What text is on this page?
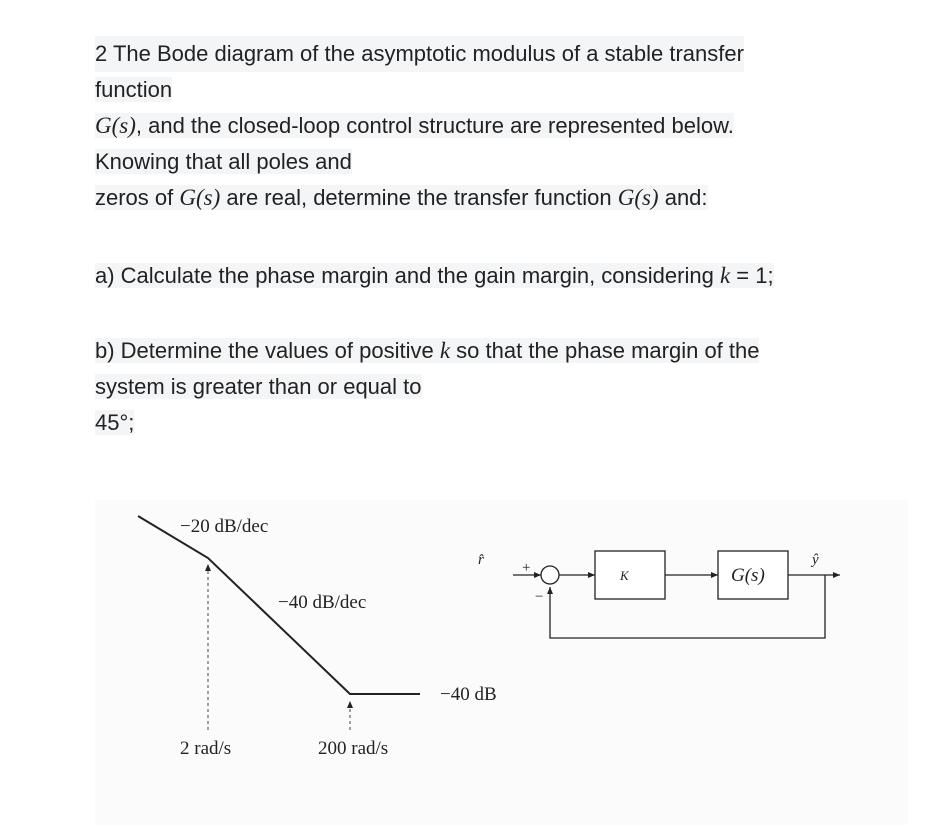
2 The Bode diagram of the asymptotic modulus of a stable transfer
function
G(s), and the closed-loop control structure are represented below.
Knowing that all poles and
zeros of G(s) are real, determine the transfer function G(s) and:
a) Calculate the phase margin and the gain margin, considering k = 1;
b) Determine the values of positive k so that the phase margin of the
system is greater than or equal to
45°;
−20 dB/dec
−40 dB/dec
−40 dB
2 rad/s	200 rad/s
r̂	+
−
K	G(s)
ŷ
